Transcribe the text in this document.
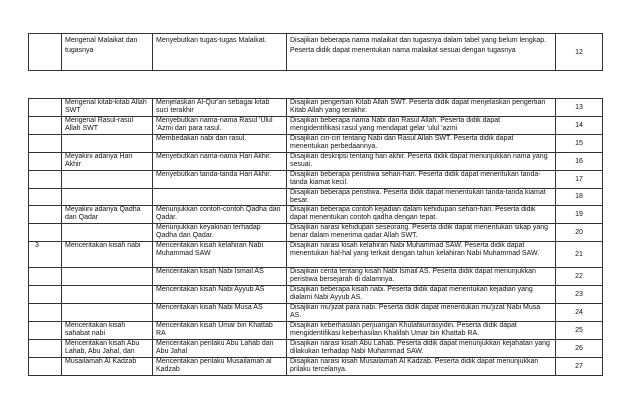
	Mengenal Malaikat dan tugasnya	Menyebutkan tugas-tugas Malaikat.	Disajikan beberapa nama malaikat dan tugasnya dalam tabel yang belum lengkap. Peserta didik dapat menentukan nama malaikat sesuai dengan tugasnya	12
	Mengenal kitab-kitab Allah SWT	Menjelaskan Al-Qur'an sebagai kitab suci terakhir	Disajikan pengertian Kitab Allah SWT. Peserta didik dapat menjelaskan pengertian Kitab Allah yang terakhir.	13
	Mengenal Rasul-rasul Allah SWT	Menyebutkan nama-nama Rasul 'Ulul 'Azmi dari para rasul.	Disajikan beberapa nama Nabi dan Rasul Allah. Peserta didik dapat mengidentifikasi rasul yang mendapat gelar 'ulul 'azmi	14
		Membedakan nabi dan rasul.	Disajikan ciri-ciri tentang Nabi dan Rasul Allah SWT. Peserta didik dapat menentukan perbedaannya.	15
	Meyakini adanya Hari Akhir	Menyebutkan nama-nama Hari Akhir.	Disajikan deskripsi tentang hari akhir. Peserta didik dapat menunjukkan nama yang sesuai.	16
		Menyebutkan tanda-tanda Hari Akhir.	Disajikan beberapa peristiwa sehari-hari. Peserta didik dapat menentukan tanda-tanda kiamat kecil.	17
			Disajikan beberapa peristiwa. Peserta didik dapat menentukan tanda-tanda kiamat besar.	18
	Meyakini adanya Qadha dan Qadar	Menunjukkan contoh-contoh Qadha dan Qadar.	Disajikan beberapa contoh kejadian dalam kehidupan sehari-hari. Peserta didik dapat menentukan contoh qadha dengan tepat.	19
		Menunjukkan keyakinan terhadap Qadha dan Qadar.	Disajikan narasi kehidupan seseorang. Peserta didik dapat menentukan sikap yang benar dalam menerima qadar Allah SWT.	20
3	Menceritakan kisah nabi	Menceritakan kisah kelahiran Nabi Muhammad SAW	Disajikan narasi kisah kelahiran Nabi Muhammad SAW. Peserta didik dapat menentukan hal-hal yang terkait dengan tahun kelahiran Nabi Muhammad SAW.	21
		Menceritakan kisah Nabi Ismail AS	Disajikan cerita tentang kisah Nabi Ismail AS. Peserta didik dapat menunjukkan peristiwa bersejarah di dalamnya.	22
		Menceritakan kisah Nabi Ayyub AS	Disajikan beberapa kisah nabi. Peserta didik dapat menentukan kejadian yang dialami Nabi Ayyub AS.	23
		Menceritakan kisah Nabi Musa AS	Disajikan mu'jizat para nabi. Peserta didik dapat menentukan mu'jizat Nabi Musa AS.	24
	Menceritakan kisah sahabat nabi	Menceritakan kisah Umar bin Khattab RA	Disajikan keberhasilan perjuangan Khulafaurrasyidin. Peserta didik dapat mengidentifikasi keberhasilan Khalifah Umar bin Khattab RA.	25
	Menceritakan kisah Abu Lahab, Abu Jahal, dan	Menceritakan perilaku Abu Lahab dan Abu Jahal	Disajikan narasi kisah Abu Lahab. Peserta didik dapat menunjukkan kejahatan yang dilakukan terhadap Nabi Muhammad SAW.	26
	Musailamah Al Kadzab	Menceritakan perilaku Musailamah al Kadzab	Disajikan narasi kisah Musailamah Al Kadzab. Peserta didik dapat menunjukkan prilaku tercelanya.	27
